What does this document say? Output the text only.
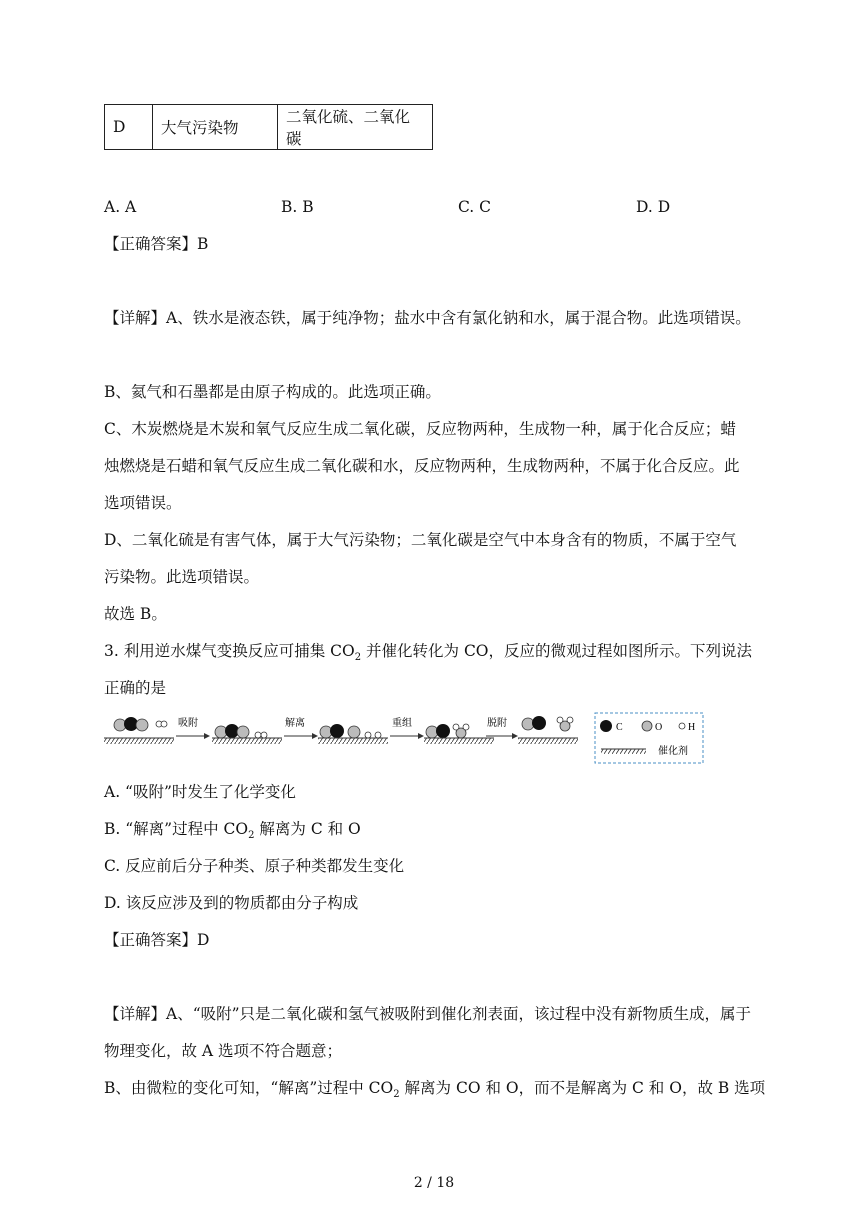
D	大气污染物	二氧化硫、二氧化碳
A. A	B. B	C. C	D. D
【正确答案】B
【详解】A、铁水是液态铁，属于纯净物；盐水中含有氯化钠和水，属于混合物。此选项错误。
B、氦气和石墨都是由原子构成的。此选项正确。
C、木炭燃烧是木炭和氧气反应生成二氧化碳，反应物两种，生成物一种，属于化合反应；蜡
烛燃烧是石蜡和氧气反应生成二氧化碳和水，反应物两种，生成物两种，不属于化合反应。此
选项错误。
D、二氧化硫是有害气体，属于大气污染物；二氧化碳是空气中本身含有的物质，不属于空气
污染物。此选项错误。
故选 B。
3. 利用逆水煤气变换反应可捕集 $CO_2$ 并催化转化为 CO，反应的微观过程如图所示。下列说法
正确的是
吸附	解离	重组	脱附	C	O	H
催化剂
A. “吸附”时发生了化学变化
B. “解离”过程中 $CO_2$ 解离为 C 和 O
C. 反应前后分子种类、原子种类都发生变化
D. 该反应涉及到的物质都由分子构成
【正确答案】D
【详解】A、“吸附”只是二氧化碳和氢气被吸附到催化剂表面，该过程中没有新物质生成，属于
物理变化，故 A 选项不符合题意；
B、由微粒的变化可知，“解离”过程中 $CO_2$ 解离为 CO 和 O，而不是解离为 C 和 O，故 B 选项
2 / 18
